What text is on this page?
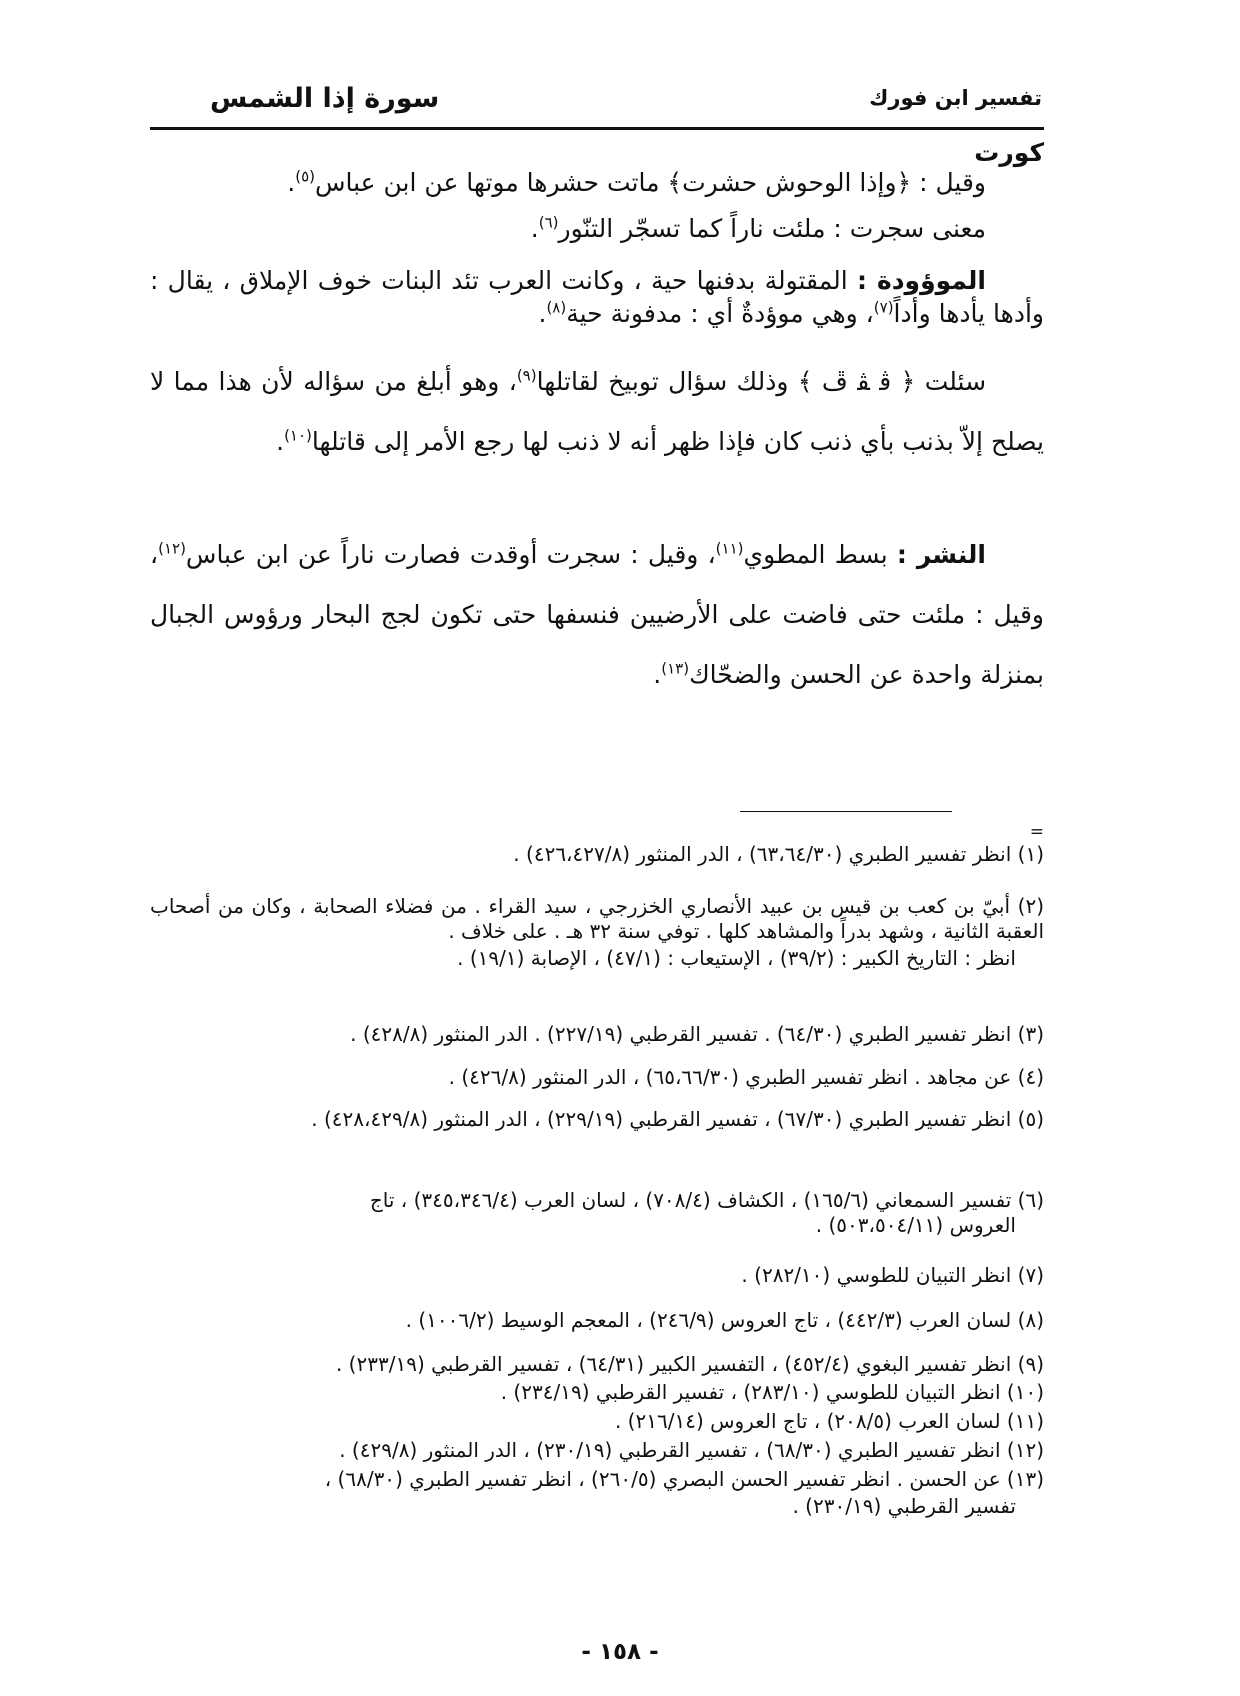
تفسير ابن فورك
سورة إذا الشمس
كورت

وقيل : ﴿وإذا الوحوش حشرت﴾ ماتت حشرها موتها عن ابن عباس$^{(٥)}$.

معنى سجرت : ملئت ناراً كما تسجّر التنّور$^{(٦)}$.

الموؤودة : المقتولة بدفنها حية ، وكانت العرب تئد البنات خوف الإملاق ، يقال : وأدها يأدها وأداً$^{(٧)}$، وهي موؤدةٌ أي : مدفونة حية$^{(٨)}$.

سئلت ﴿ ﭬ ﭭ ﭮ ﴾ وذلك سؤال توبيخ لقاتلها$^{(٩)}$، وهو أبلغ من سؤاله لأن هذا مما لا يصلح إلاّ بذنب بأي ذنب كان فإذا ظهر أنه لا ذنب لها رجع الأمر إلى قاتلها$^{(١٠)}$.

النشر : بسط المطوي$^{(١١)}$، وقيل : سجرت أوقدت فصارت ناراً عن ابن عباس$^{(١٢)}$، وقيل : ملئت حتى فاضت على الأرضيين فنسفها حتى تكون لجج البحار ورؤوس الجبال بمنزلة واحدة عن الحسن والضحّاك$^{(١٣)}$.

=

(١) انظر تفسير الطبري (٦٣،٦٤/٣٠) ، الدر المنثور (٤٢٦،٤٢٧/٨) .

(٢) أبيّ بن كعب بن قيس بن عبيد الأنصاري الخزرجي ، سيد القراء . من فضلاء الصحابة ، وكان من أصحاب العقبة الثانية ، وشهد بدراً والمشاهد كلها . توفي سنة ٣٢ هـ . على خلاف .

انظر : التاريخ الكبير : (٣٩/٢) ، الإستيعاب : (٤٧/١) ، الإصابة (١٩/١) .

(٣) انظر تفسير الطبري (٦٤/٣٠) . تفسير القرطبي (٢٢٧/١٩) . الدر المنثور (٤٢٨/٨) .

(٤) عن مجاهد . انظر تفسير الطبري (٦٥،٦٦/٣٠) ، الدر المنثور (٤٢٦/٨) .

(٥) انظر تفسير الطبري (٦٧/٣٠) ، تفسير القرطبي (٢٢٩/١٩) ، الدر المنثور (٤٢٨،٤٢٩/٨) .

(٦) تفسير السمعاني (١٦٥/٦) ، الكشاف (٧٠٨/٤) ، لسان العرب (٣٤٥،٣٤٦/٤) ، تاج

العروس (٥٠٣،٥٠٤/١١) .

(٧) انظر التبيان للطوسي (٢٨٢/١٠) .

(٨) لسان العرب (٤٤٢/٣) ، تاج العروس (٢٤٦/٩) ، المعجم الوسيط (١٠٠٦/٢) .

(٩) انظر تفسير البغوي (٤٥٢/٤) ، التفسير الكبير (٦٤/٣١) ، تفسير القرطبي (٢٣٣/١٩) .

(١٠) انظر التبيان للطوسي (٢٨٣/١٠) ، تفسير القرطبي (٢٣٤/١٩) .

(١١) لسان العرب (٢٠٨/٥) ، تاج العروس (٢١٦/١٤) .

(١٢) انظر تفسير الطبري (٦٨/٣٠) ، تفسير القرطبي (٢٣٠/١٩) ، الدر المنثور (٤٢٩/٨) .

(١٣) عن الحسن . انظر تفسير الحسن البصري (٢٦٠/٥) ، انظر تفسير الطبري (٦٨/٣٠) ،

تفسير القرطبي (٢٣٠/١٩) .

- ١٥٨ -
